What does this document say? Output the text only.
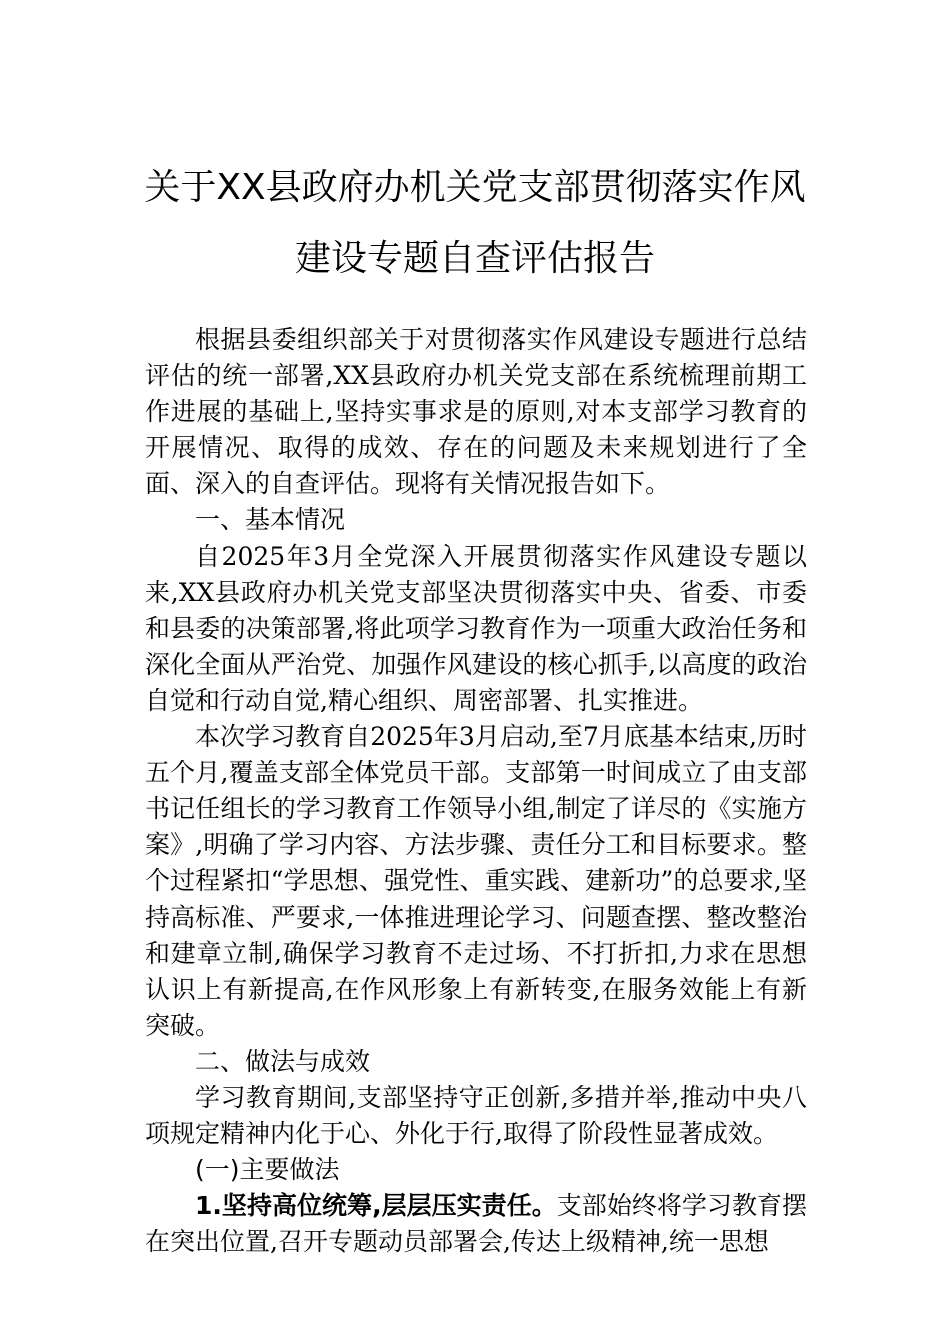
关于XX县政府办机关党支部贯彻落实作风
建设专题自查评估报告

根据县委组织部关于对贯彻落实作风建设专题进行总结评估的统一部署,XX县政府办机关党支部在系统梳理前期工作进展的基础上,坚持实事求是的原则,对本支部学习教育的开展情况、取得的成效、存在的问题及未来规划进行了全面、深入的自查评估。现将有关情况报告如下。

一、基本情况

自2025年3月全党深入开展贯彻落实作风建设专题以来,XX县政府办机关党支部坚决贯彻落实中央、省委、市委和县委的决策部署,将此项学习教育作为一项重大政治任务和深化全面从严治党、加强作风建设的核心抓手,以高度的政治自觉和行动自觉,精心组织、周密部署、扎实推进。

本次学习教育自2025年3月启动,至7月底基本结束,历时五个月,覆盖支部全体党员干部。支部第一时间成立了由支部书记任组长的学习教育工作领导小组,制定了详尽的《实施方案》,明确了学习内容、方法步骤、责任分工和目标要求。整个过程紧扣“学思想、强党性、重实践、建新功”的总要求,坚持高标准、严要求,一体推进理论学习、问题查摆、整改整治和建章立制,确保学习教育不走过场、不打折扣,力求在思想认识上有新提高,在作风形象上有新转变,在服务效能上有新突破。

二、做法与成效

学习教育期间,支部坚持守正创新,多措并举,推动中央八项规定精神内化于心、外化于行,取得了阶段性显著成效。

(一)主要做法

1.坚持高位统筹,层层压实责任。支部始终将学习教育摆在突出位置,召开专题动员部署会,传达上级精神,统一思想
